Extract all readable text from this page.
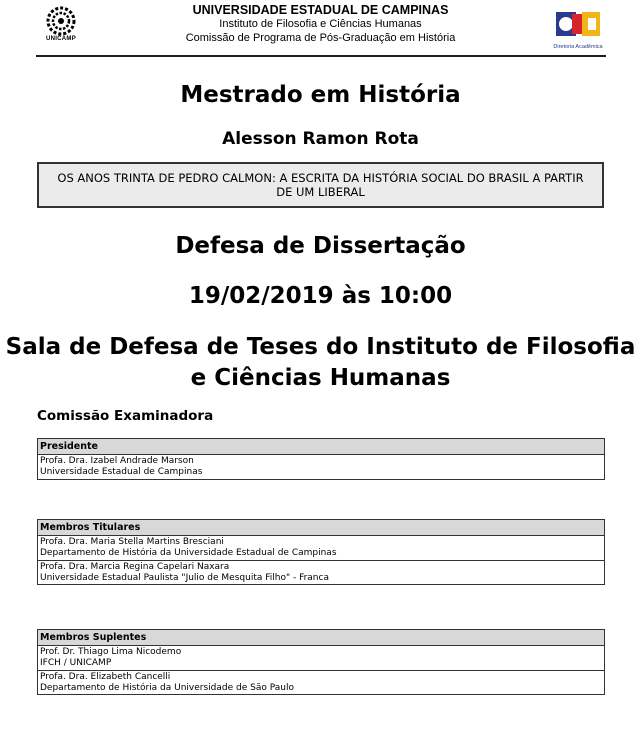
UNICAMP
UNIVERSIDADE ESTADUAL DE CAMPINAS
Instituto de Filosofia e Ciências Humanas
Comissão de Programa de Pós-Graduação em História
Diretoria Acadêmica
Mestrado em História
Alesson Ramon Rota
OS ANOS TRINTA DE PEDRO CALMON: A ESCRITA DA HISTÓRIA SOCIAL DO BRASIL A PARTIR DE UM LIBERAL
Defesa de Dissertação
19/02/2019 às 10:00
Sala de Defesa de Teses do Instituto de Filosofia e Ciências Humanas
Comissão Examinadora
Presidente
Profa. Dra. Izabel Andrade Marson
Universidade Estadual de Campinas
Membros Titulares
Profa. Dra. Maria Stella Martins Bresciani
Departamento de História da Universidade Estadual de Campinas
Profa. Dra. Marcia Regina Capelari Naxara
Universidade Estadual Paulista "Julio de Mesquita Filho" - Franca
Membros Suplentes
Prof. Dr. Thiago Lima Nicodemo
IFCH / UNICAMP
Profa. Dra. Elizabeth Cancelli
Departamento de História da Universidade de São Paulo
